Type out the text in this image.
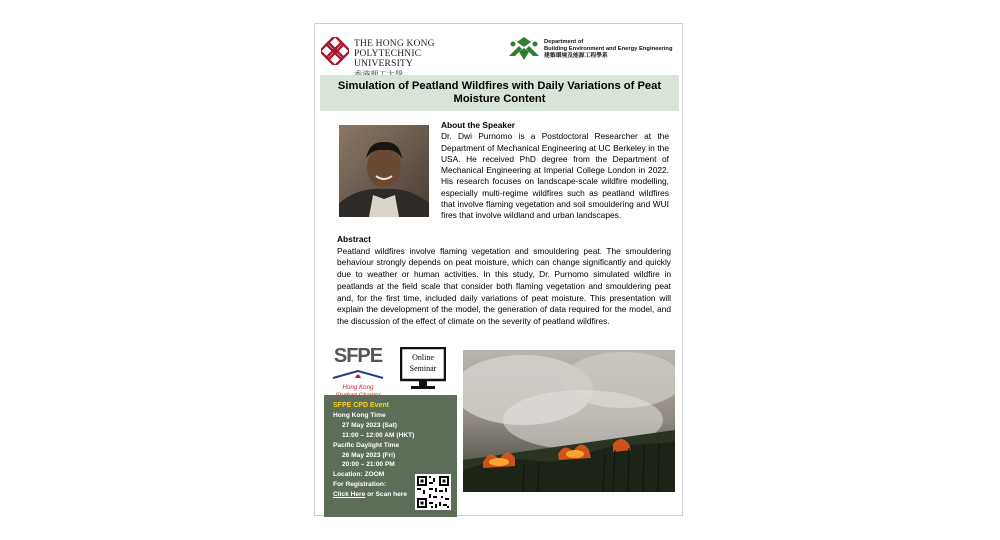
THE HONG KONG
POLYTECHNIC UNIVERSITY
Department of
Building Environment and Energy Engineering
建築環境及能源工程學系
Simulation of Peatland Wildfires with Daily Variations of Peat Moisture Content
About the Speaker
Dr. Dwi Purnomo is a Postdoctoral Researcher at the Department of Mechanical Engineering at UC Berkeley in the USA. He received PhD degree from the Department of Mechanical Engineering at Imperial College London in 2022. His research focuses on landscape-scale wildfire modelling, especially multi-regime wildfires such as peatland wildfires that involve flaming vegetation and soil smouldering and WUI fires that involve wildland and urban landscapes.
Abstract
Peatland wildfires involve flaming vegetation and smouldering peat. The smouldering behaviour strongly depends on peat moisture, which can change significantly and quickly due to weather or human activities. In this study, Dr. Purnomo simulated wildfire in peatlands at the field scale that consider both flaming vegetation and smouldering peat and, for the first time, included daily variations of peat moisture. This presentation will explain the development of the model, the generation of data required for the model, and the discussion of the effect of climate on the severity of peatland wildfires.
SFPE
Hong Kong
Online
Seminar
SFPE CPD Event
Hong Kong Time
27 May 2023 (Sat)
11:00 – 12:00 AM (HKT)
Pacific Daylight Time
26 May 2023 (Fri)
20:00 – 21:00 PM
Location: ZOOM
For Registration:
Click Here or Scan here
